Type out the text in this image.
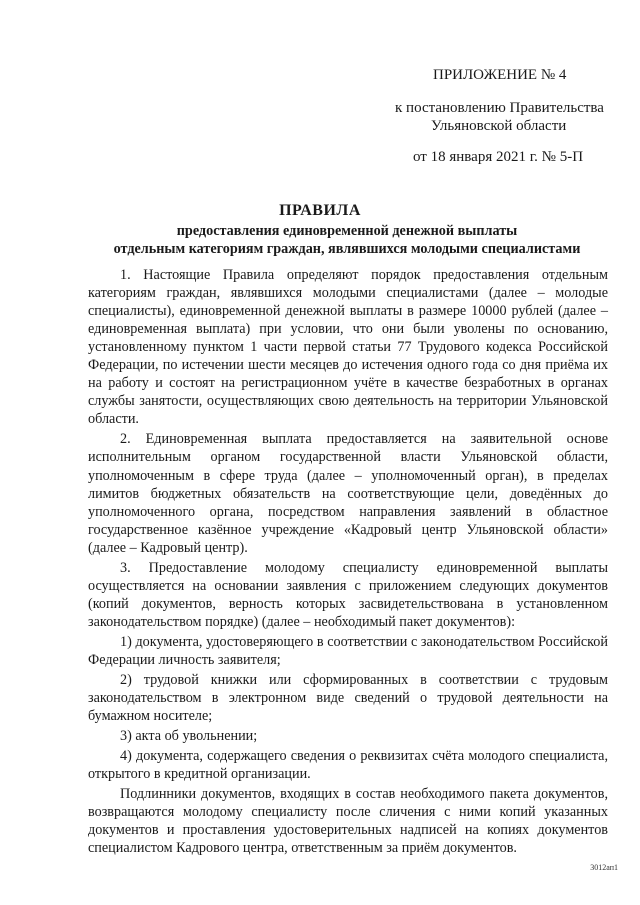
ПРИЛОЖЕНИЕ № 4
к постановлению Правительства
Ульяновской области
от 18 января 2021 г. № 5-П
ПРАВИЛА
предоставления единовременной денежной выплаты
отдельным категориям граждан, являвшихся молодыми специалистами

1. Настоящие Правила определяют порядок предоставления отдельным категориям граждан, являвшихся молодыми специалистами (далее – молодые специалисты), единовременной денежной выплаты в размере 10000 рублей (далее – единовременная выплата) при условии, что они были уволены по основанию, установленному пунктом 1 части первой статьи 77 Трудового кодекса Российской Федерации, по истечении шести месяцев до истечения одного года со дня приёма их на работу и состоят на регистрационном учёте в качестве безработных в органах службы занятости, осуществляющих свою деятельность на территории Ульяновской области.

2. Единовременная выплата предоставляется на заявительной основе исполнительным органом государственной власти Ульяновской области, уполномоченным в сфере труда (далее – уполномоченный орган), в пределах лимитов бюджетных обязательств на соответствующие цели, доведённых до уполномоченного органа, посредством направления заявлений в областное государственное казённое учреждение «Кадровый центр Ульяновской области» (далее – Кадровый центр).

3. Предоставление молодому специалисту единовременной выплаты осуществляется на основании заявления с приложением следующих документов (копий документов, верность которых засвидетельствована в установленном законодательством порядке) (далее – необходимый пакет документов):

1) документа, удостоверяющего в соответствии с законодательством Российской Федерации личность заявителя;

2) трудовой книжки или сформированных в соответствии с трудовым законодательством в электронном виде сведений о трудовой деятельности на бумажном носителе;

3) акта об увольнении;

4) документа, содержащего сведения о реквизитах счёта молодого специалиста, открытого в кредитной организации.

Подлинники документов, входящих в состав необходимого пакета документов, возвращаются молодому специалисту после сличения с ними копий указанных документов и проставления удостоверительных надписей на копиях документов специалистом Кадрового центра, ответственным за приём документов.

3012ап1
